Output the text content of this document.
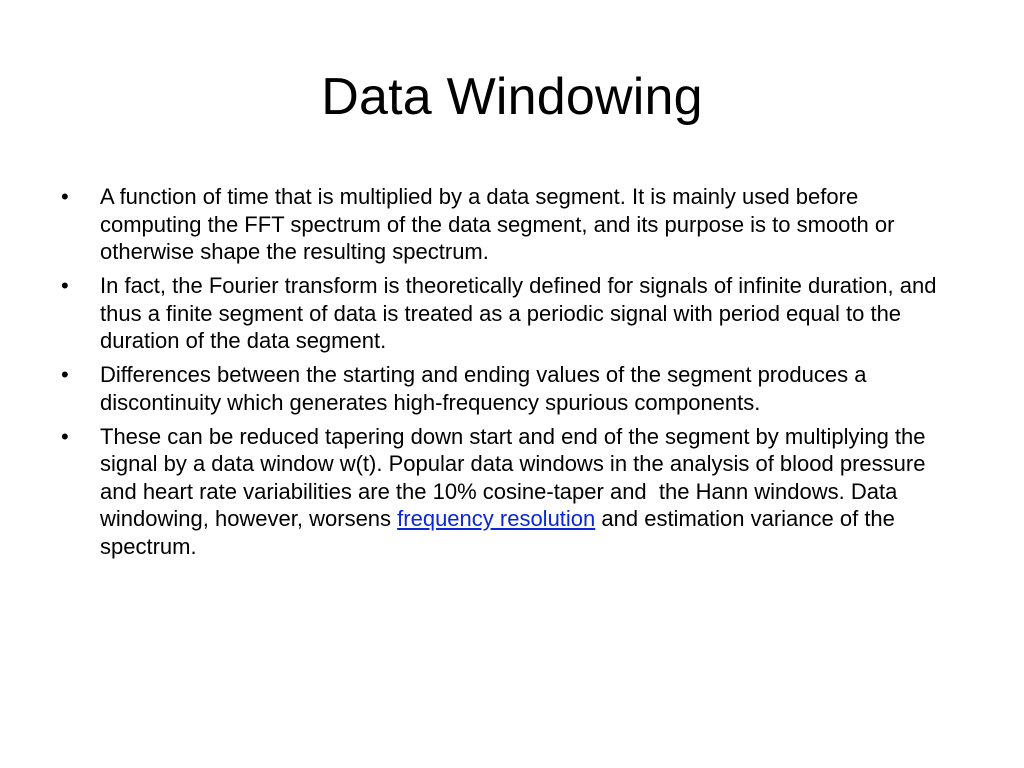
Data Windowing
•	A function of time that is multiplied by a data segment. It is mainly used before computing the FFT spectrum of the data segment, and its purpose is to smooth or otherwise shape the resulting spectrum.
•	In fact, the Fourier transform is theoretically defined for signals of infinite duration, and thus a finite segment of data is treated as a periodic signal with period equal to the duration of the data segment.
•	Differences between the starting and ending values of the segment produces a discontinuity which generates high-frequency spurious components.
•	These can be reduced tapering down start and end of the segment by multiplying the signal by a data window w(t). Popular data windows in the analysis of blood pressure and heart rate variabilities are the 10% cosine-taper and  the Hann windows. Data windowing, however, worsens frequency resolution and estimation variance of the spectrum.
